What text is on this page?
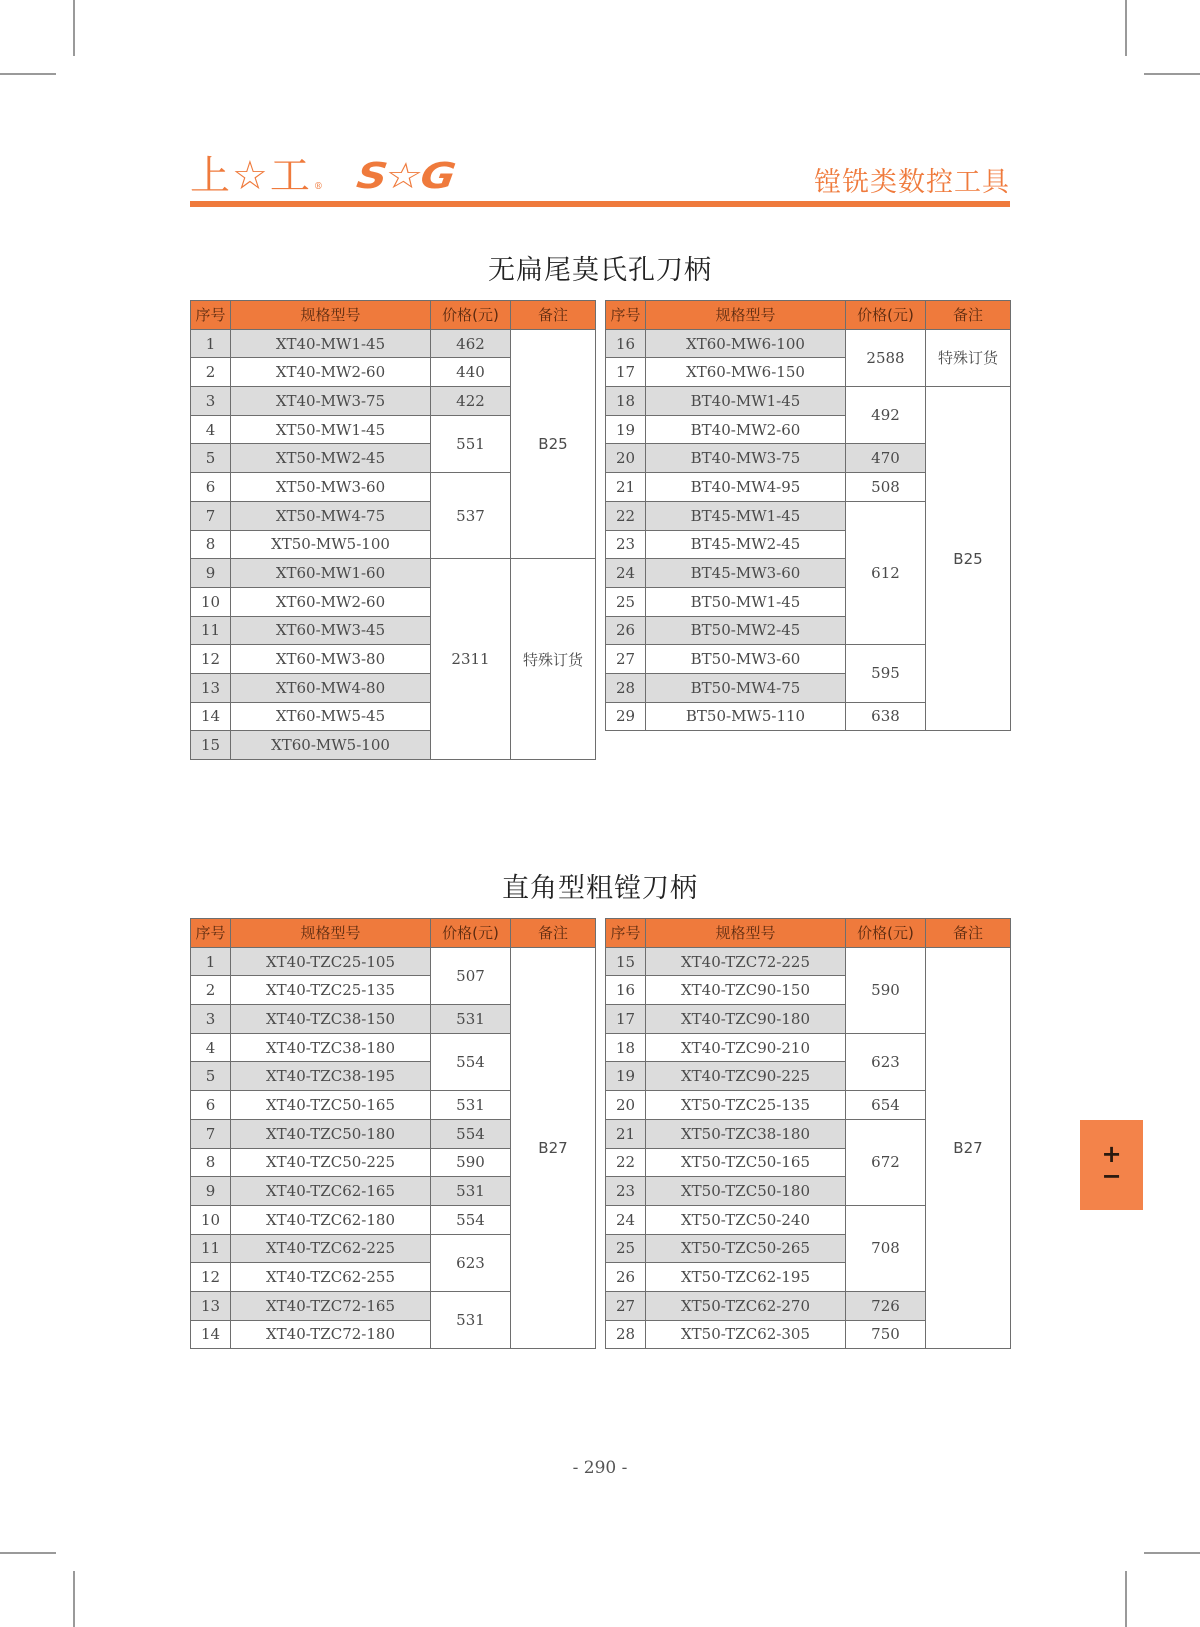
上☆工 ® S☆G	镗铣类数控工具
无扁尾莫氏孔刀柄
直角型粗镗刀柄
序号	规格型号	价格(元)	备注
1	XT40-MW1-45	462	B25
2	XT40-MW2-60	440	
3	XT40-MW3-75	422	
4	XT50-MW1-45	551	
5	XT50-MW2-45		
6	XT50-MW3-60	537	
7	XT50-MW4-75		
8	XT50-MW5-100		
9	XT60-MW1-60	2311	特殊订货
10	XT60-MW2-60		
11	XT60-MW3-45		
12	XT60-MW3-80		
13	XT60-MW4-80		
14	XT60-MW5-45		
15	XT60-MW5-100		
序号	规格型号	价格(元)	备注
16	XT60-MW6-100	2588	特殊订货
17	XT60-MW6-150		
18	BT40-MW1-45	492	B25
19	BT40-MW2-60		
20	BT40-MW3-75	470	
21	BT40-MW4-95	508	
22	BT45-MW1-45	612	
23	BT45-MW2-45		
24	BT45-MW3-60		
25	BT50-MW1-45		
26	BT50-MW2-45		
27	BT50-MW3-60	595	
28	BT50-MW4-75		
29	BT50-MW5-110	638	
序号	规格型号	价格(元)	备注
1	XT40-TZC25-105	507	B27
2	XT40-TZC25-135		
3	XT40-TZC38-150	531	
4	XT40-TZC38-180	554	
5	XT40-TZC38-195		
6	XT40-TZC50-165	531	
7	XT40-TZC50-180	554	
8	XT40-TZC50-225	590	
9	XT40-TZC62-165	531	
10	XT40-TZC62-180	554	
11	XT40-TZC62-225	623	
12	XT40-TZC62-255		
13	XT40-TZC72-165	531	
14	XT40-TZC72-180		
序号	规格型号	价格(元)	备注
15	XT40-TZC72-225	590	B27
16	XT40-TZC90-150		
17	XT40-TZC90-180		
18	XT40-TZC90-210	623	
19	XT40-TZC90-225		
20	XT50-TZC25-135	654	
21	XT50-TZC38-180	672	
22	XT50-TZC50-165		
23	XT50-TZC50-180		
24	XT50-TZC50-240	708	
25	XT50-TZC50-265		
26	XT50-TZC62-195		
27	XT50-TZC62-270	726	
28	XT50-TZC62-305	750	
+
−
- 290 -
